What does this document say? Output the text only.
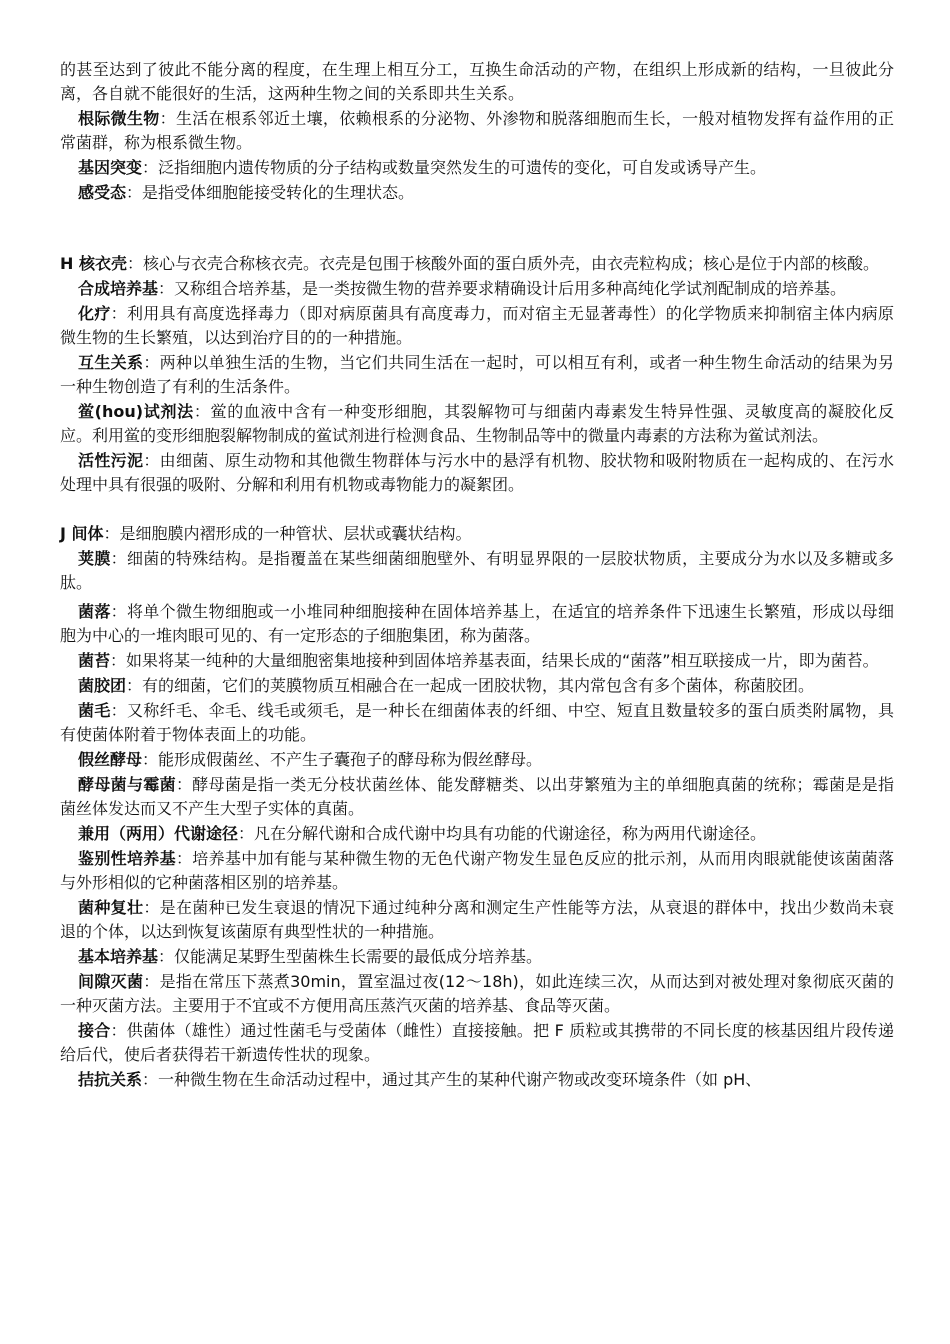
的甚至达到了彼此不能分离的程度，在生理上相互分工，互换生命活动的产物，在组织上形成新的结构，一旦彼此分离，各自就不能很好的生活，这两种生物之间的关系即共生关系。

根际微生物：生活在根系邻近土壤，依赖根系的分泌物、外渗物和脱落细胞而生长，一般对植物发挥有益作用的正常菌群，称为根系微生物。

基因突变：泛指细胞内遗传物质的分子结构或数量突然发生的可遗传的变化，可自发或诱导产生。

感受态：是指受体细胞能接受转化的生理状态。

H 核衣壳：核心与衣壳合称核衣壳。衣壳是包围于核酸外面的蛋白质外壳，由衣壳粒构成；核心是位于内部的核酸。

合成培养基：又称组合培养基，是一类按微生物的营养要求精确设计后用多种高纯化学试剂配制成的培养基。

化疗：利用具有高度选择毒力（即对病原菌具有高度毒力，而对宿主无显著毒性）的化学物质来抑制宿主体内病原微生物的生长繁殖，以达到治疗目的的一种措施。

互生关系：两种以单独生活的生物，当它们共同生活在一起时，可以相互有利，或者一种生物生命活动的结果为另一种生物创造了有利的生活条件。

鲎(hou)试剂法：鲎的血液中含有一种变形细胞，其裂解物可与细菌内毒素发生特异性强、灵敏度高的凝胶化反应。利用鲎的变形细胞裂解物制成的鲎试剂进行检测食品、生物制品等中的微量内毒素的方法称为鲎试剂法。

活性污泥：由细菌、原生动物和其他微生物群体与污水中的悬浮有机物、胶状物和吸附物质在一起构成的、在污水处理中具有很强的吸附、分解和利用有机物或毒物能力的凝絮团。

J 间体：是细胞膜内褶形成的一种管状、层状或囊状结构。

荚膜：细菌的特殊结构。是指覆盖在某些细菌细胞壁外、有明显界限的一层胶状物质，主要成分为水以及多糖或多肽。

菌落：将单个微生物细胞或一小堆同种细胞接种在固体培养基上，在适宜的培养条件下迅速生长繁殖，形成以母细胞为中心的一堆肉眼可见的、有一定形态的子细胞集团，称为菌落。

菌苔：如果将某一纯种的大量细胞密集地接种到固体培养基表面，结果长成的“菌落”相互联接成一片，即为菌苔。

菌胶团：有的细菌，它们的荚膜物质互相融合在一起成一团胶状物，其内常包含有多个菌体，称菌胶团。

菌毛：又称纤毛、伞毛、线毛或须毛，是一种长在细菌体表的纤细、中空、短直且数量较多的蛋白质类附属物，具有使菌体附着于物体表面上的功能。

假丝酵母：能形成假菌丝、不产生子囊孢子的酵母称为假丝酵母。

酵母菌与霉菌：酵母菌是指一类无分枝状菌丝体、能发酵糖类、以出芽繁殖为主的单细胞真菌的统称；霉菌是是指菌丝体发达而又不产生大型子实体的真菌。

兼用（两用）代谢途径：凡在分解代谢和合成代谢中均具有功能的代谢途径，称为两用代谢途径。

鉴别性培养基：培养基中加有能与某种微生物的无色代谢产物发生显色反应的批示剂，从而用肉眼就能使该菌菌落与外形相似的它种菌落相区别的培养基。

菌种复壮：是在菌种已发生衰退的情况下通过纯种分离和测定生产性能等方法，从衰退的群体中，找出少数尚未衰退的个体，以达到恢复该菌原有典型性状的一种措施。

基本培养基：仅能满足某野生型菌株生长需要的最低成分培养基。

间隙灭菌：是指在常压下蒸煮30min，置室温过夜(12～18h)，如此连续三次，从而达到对被处理对象彻底灭菌的一种灭菌方法。主要用于不宜或不方便用高压蒸汽灭菌的培养基、食品等灭菌。

接合：供菌体（雄性）通过性菌毛与受菌体（雌性）直接接触。把 F 质粒或其携带的不同长度的核基因组片段传递给后代，使后者获得若干新遗传性状的现象。

拮抗关系：一种微生物在生命活动过程中，通过其产生的某种代谢产物或改变环境条件（如 pH、
